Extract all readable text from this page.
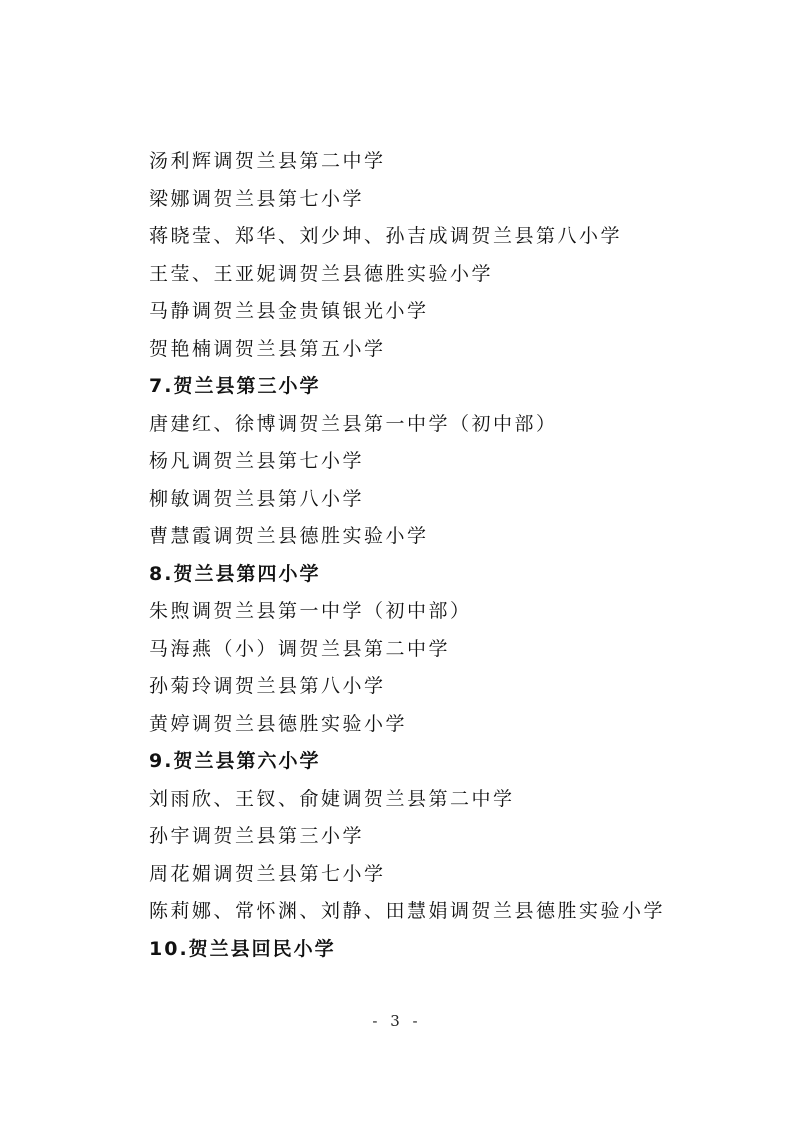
汤利辉调贺兰县第二中学
梁娜调贺兰县第七小学
蒋晓莹、郑华、刘少坤、孙吉成调贺兰县第八小学
王莹、王亚妮调贺兰县德胜实验小学
马静调贺兰县金贵镇银光小学
贺艳楠调贺兰县第五小学
7.贺兰县第三小学
唐建红、徐博调贺兰县第一中学（初中部）
杨凡调贺兰县第七小学
柳敏调贺兰县第八小学
曹慧霞调贺兰县德胜实验小学
8.贺兰县第四小学
朱煦调贺兰县第一中学（初中部）
马海燕（小）调贺兰县第二中学
孙菊玲调贺兰县第八小学
黄婷调贺兰县德胜实验小学
9.贺兰县第六小学
刘雨欣、王钗、俞婕调贺兰县第二中学
孙宇调贺兰县第三小学
周花媚调贺兰县第七小学
陈莉娜、常怀渊、刘静、田慧娟调贺兰县德胜实验小学
10.贺兰县回民小学
- 3 -
